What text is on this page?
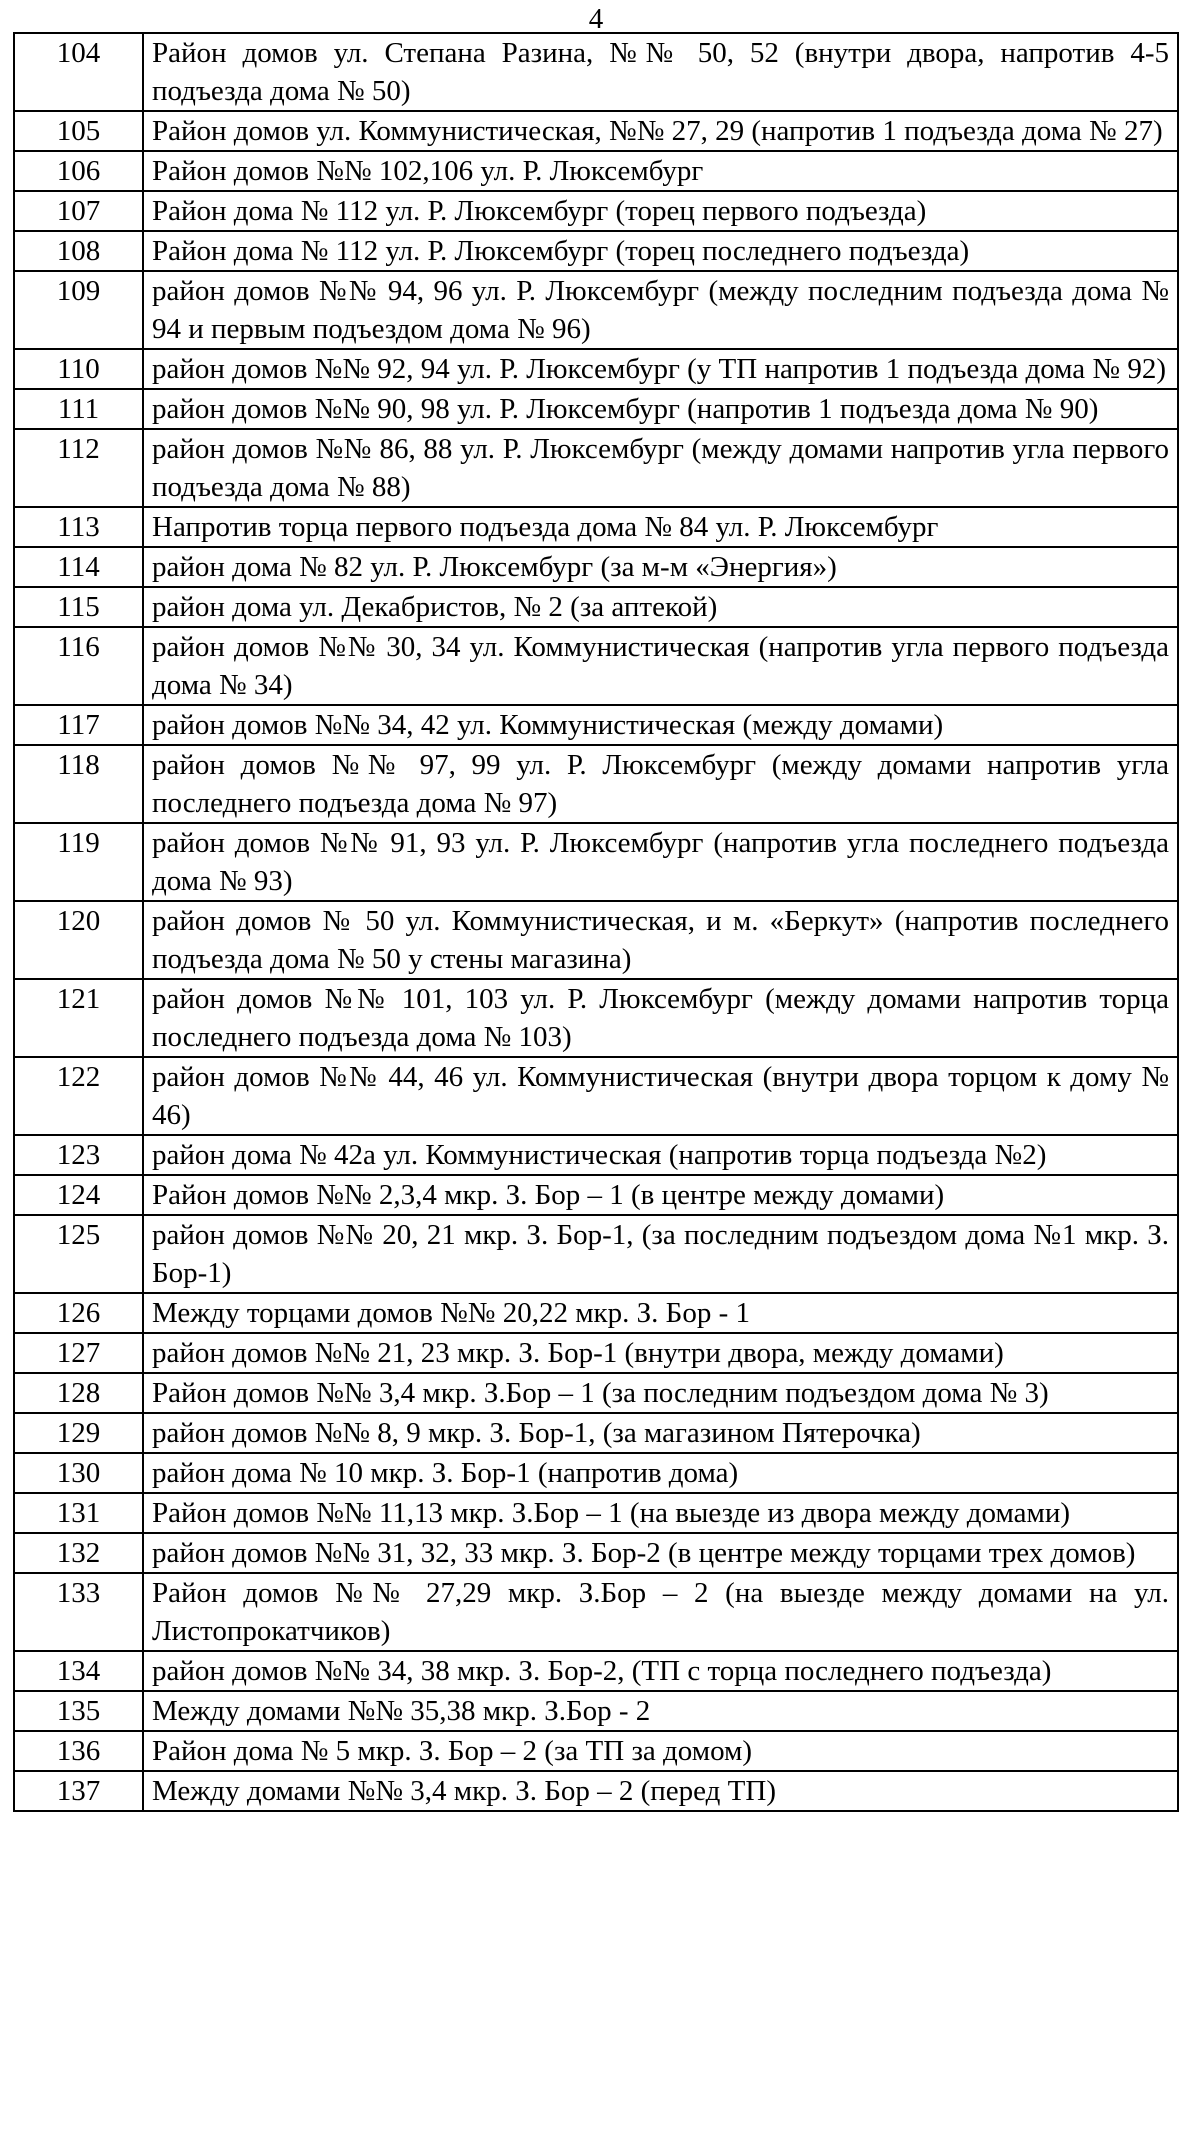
4
104	Район домов ул. Степана Разина, №№ 50, 52 (внутри двора, напротив 4-5 подъезда дома № 50)
105	Район домов ул. Коммунистическая, №№ 27, 29 (напротив 1 подъезда дома № 27)
106	Район домов №№ 102,106 ул. Р. Люксембург
107	Район дома № 112 ул. Р. Люксембург (торец первого подъезда)
108	Район дома № 112 ул. Р. Люксембург (торец последнего подъезда)
109	район домов №№ 94, 96 ул. Р. Люксембург (между последним подъезда дома № 94 и первым подъездом дома № 96)
110	район домов №№ 92, 94 ул. Р. Люксембург (у ТП напротив 1 подъезда дома № 92)
111	район домов №№ 90, 98 ул. Р. Люксембург (напротив 1 подъезда дома № 90)
112	район домов №№ 86, 88 ул. Р. Люксембург (между домами напротив угла первого подъезда дома № 88)
113	Напротив торца первого подъезда дома № 84 ул. Р. Люксембург
114	район дома № 82 ул. Р. Люксембург (за м-м «Энергия»)
115	район дома ул. Декабристов, № 2 (за аптекой)
116	район домов №№ 30, 34 ул. Коммунистическая (напротив угла первого подъезда дома № 34)
117	район домов №№ 34, 42 ул. Коммунистическая (между домами)
118	район домов №№ 97, 99 ул. Р. Люксембург (между домами напротив угла последнего подъезда дома № 97)
119	район домов №№ 91, 93 ул. Р. Люксембург (напротив угла последнего подъезда дома № 93)
120	район домов № 50 ул. Коммунистическая, и м. «Беркут» (напротив последнего подъезда дома № 50 у стены магазина)
121	район домов №№ 101, 103 ул. Р. Люксембург (между домами напротив торца последнего подъезда дома № 103)
122	район домов №№ 44, 46 ул. Коммунистическая (внутри двора торцом к дому № 46)
123	район дома № 42а ул. Коммунистическая (напротив торца подъезда №2)
124	Район домов №№ 2,3,4 мкр. З. Бор – 1 (в центре между домами)
125	район домов №№ 20, 21 мкр. З. Бор-1, (за последним подъездом дома №1 мкр. З. Бор-1)
126	Между торцами домов №№ 20,22 мкр. З. Бор - 1
127	район домов №№ 21, 23 мкр. З. Бор-1 (внутри двора, между домами)
128	Район домов №№ 3,4 мкр. З.Бор – 1 (за последним подъездом дома № 3)
129	район домов №№ 8, 9 мкр. З. Бор-1, (за магазином Пятерочка)
130	район дома № 10 мкр. З. Бор-1 (напротив дома)
131	Район домов №№ 11,13 мкр. З.Бор – 1 (на выезде из двора между домами)
132	район домов №№ 31, 32, 33 мкр. З. Бор-2 (в центре между торцами трех домов)
133	Район домов №№ 27,29 мкр. З.Бор – 2 (на выезде между домами на ул. Листопрокатчиков)
134	район домов №№ 34, 38 мкр. З. Бор-2, (ТП с торца последнего подъезда)
135	Между домами №№ 35,38 мкр. З.Бор - 2
136	Район дома № 5 мкр. З. Бор – 2 (за ТП за домом)
137	Между домами №№ 3,4 мкр. З. Бор – 2 (перед ТП)
